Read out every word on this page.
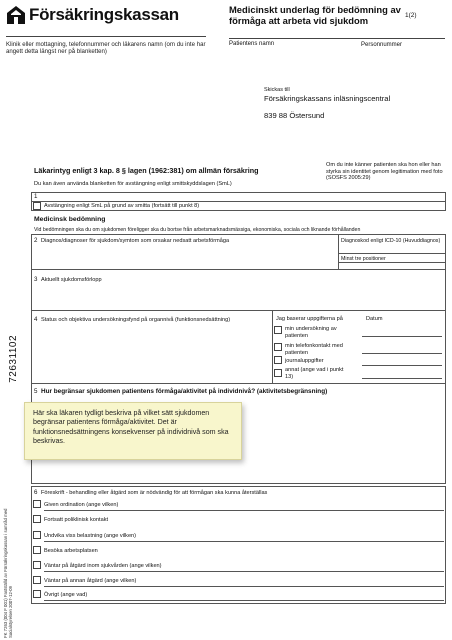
Försäkringskassan
Klinik eller mottagning, telefonnummer och läkarens namn (om du inte har angett detta längst ner på blanketten)
Medicinskt underlag för bedömning av förmåga att arbeta vid sjukdom	1(2)
Patientens namn	Personnummer
Skickas till
Försäkringskassans inläsningscentral
839 88 Östersund
Läkarintyg enligt 3 kap. 8 § lagen (1962:381) om allmän försäkring
Du kan även använda blanketten för avstängning enligt smittskyddslagen (SmL)
Om du inte känner patienten ska hon eller han styrka sin identitet genom legitimation med foto (SOSFS 2005:29)
72631102
FK 7263 (004 F 001) Fastställd av Försäkringskassan i samråd med Socialstyrelsen 2007-12-09
1
Avstängning enligt SmL på grund av smitta (fortsätt till punkt 8)
Medicinsk bedömning
Vid bedömningen ska du om sjukdomen föreligger ska du bortse från arbetsmarknadsmässiga, ekonomiska, sociala och liknande förhållanden
2 Diagnos/diagnoser för sjukdom/symtom som orsakar nedsatt arbetsförmåga	Diagnoskod enligt ICD-10 (Huvuddiagnos)
Minst tre positioner
3 Aktuellt sjukdomsförlopp
4 Status och objektiva undersökningsfynd på organnivå (funktionsnedsättning)	Jag baserar uppgifterna på	Datum
min undersökning av patienten
min telefonkontakt med patienten
journaluppgifter
annat (ange vad i punkt 13)
5 Hur begränsar sjukdomen patientens förmåga/aktivitet på individnivå? (aktivitetsbegränsning)
Här ska läkaren tydligt beskriva på vilket sätt sjukdomen begränsar patientens förmåga/aktivitet. Det är funktionsnedsättningens konsekvenser på individnivå som ska beskrivas.
6 Föreskrift - behandling eller åtgärd som är nödvändig för att förmågan ska kunna återställas
Given ordination (ange vilken)
Fortsatt poliklinisk kontakt
Undvika viss belastning (ange vilken)
Besöka arbetsplatsen
Väntar på åtgärd inom sjukvården (ange vilken)
Väntar på annan åtgärd (ange vilken)
Övrigt (ange vad)
